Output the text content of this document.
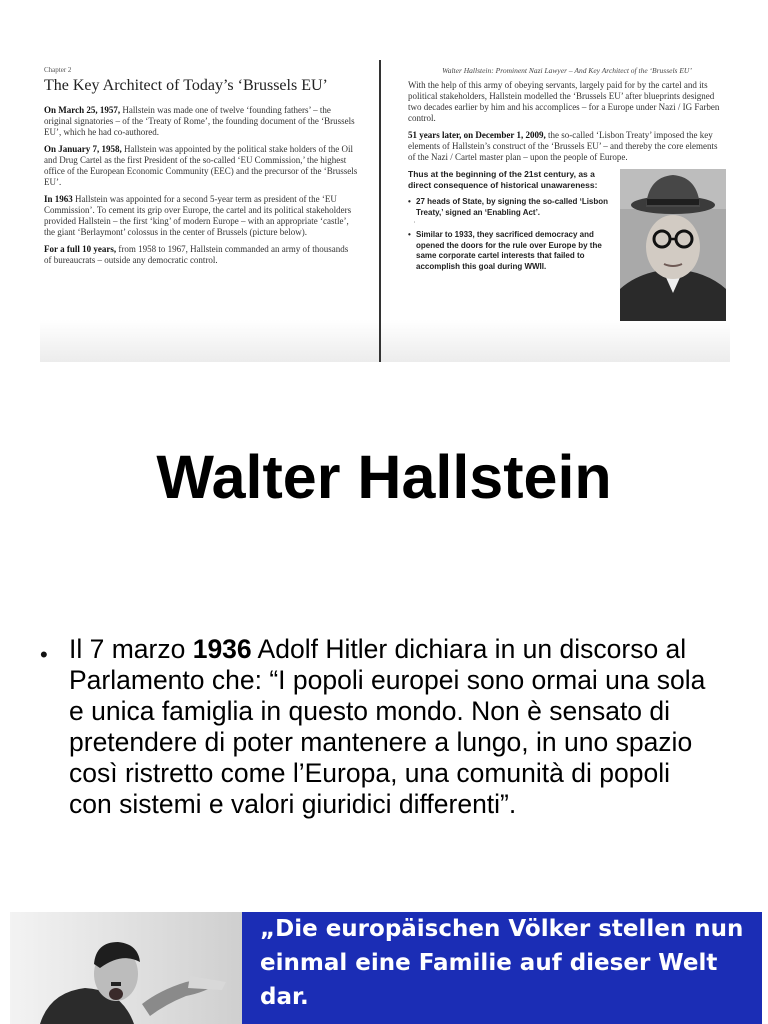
Chapter 2

The Key Architect of Today’s ‘Brussels EU’

On March 25, 1957, Hallstein was made one of twelve ‘founding fathers’ – the original signatories – of the ‘Treaty of Rome’, the founding document of the ‘Brussels EU’, which he had co-authored.

On January 7, 1958, Hallstein was appointed by the political stake holders of the Oil and Drug Cartel as the first President of the so-called ‘EU Commission,’ the highest office of the European Economic Community (EEC) and the precursor of the ‘Brussels EU’.

In 1963 Hallstein was appointed for a second 5-year term as president of the ‘EU Commission’. To cement its grip over Europe, the cartel and its political stakeholders provided Hallstein – the first ‘king’ of modern Europe – with an appropriate ‘castle’, the giant ‘Berlaymont’ colossus in the center of Brussels (picture below).

For a full 10 years, from 1958 to 1967, Hallstein commanded an army of thousands of bureaucrats – outside any democratic control.

Walter Hallstein: Prominent Nazi Lawyer – And Key Architect of the ‘Brussels EU’

With the help of this army of obeying servants, largely paid for by the cartel and its political stakeholders, Hallstein modelled the ‘Brussels EU’ after blueprints designed two decades earlier by him and his accomplices – for a Europe under Nazi / IG Farben control.

51 years later, on December 1, 2009, the so-called ‘Lisbon Treaty’ imposed the key elements of Hallstein’s construct of the ‘Brussels EU’ – and thereby the core elements of the Nazi / Cartel master plan – upon the people of Europe.

Thus at the beginning of the 21st century, as a direct consequence of historical unawareness:

• 27 heads of State, by signing the so-called ‘Lisbon Treaty,’ signed an ‘Enabling Act’.

’

• Similar to 1933, they sacrificed democracy and opened the doors for the rule over Europe by the same corporate cartel interests that failed to accomplish this goal during WWII.

Walter Hallstein
• Il 7 marzo 1936 Adolf Hitler dichiara in un discorso al Parlamento che: “I popoli europei sono ormai una sola e unica famiglia in questo mondo. Non è sensato di pretendere di poter mantenere a lungo, in uno spazio così ristretto come l’Europa, una comunità di popoli con sistemi e valori giuridici differenti”.

„Die europäischen Völker stellen nun
einmal eine Familie auf dieser Welt dar.
